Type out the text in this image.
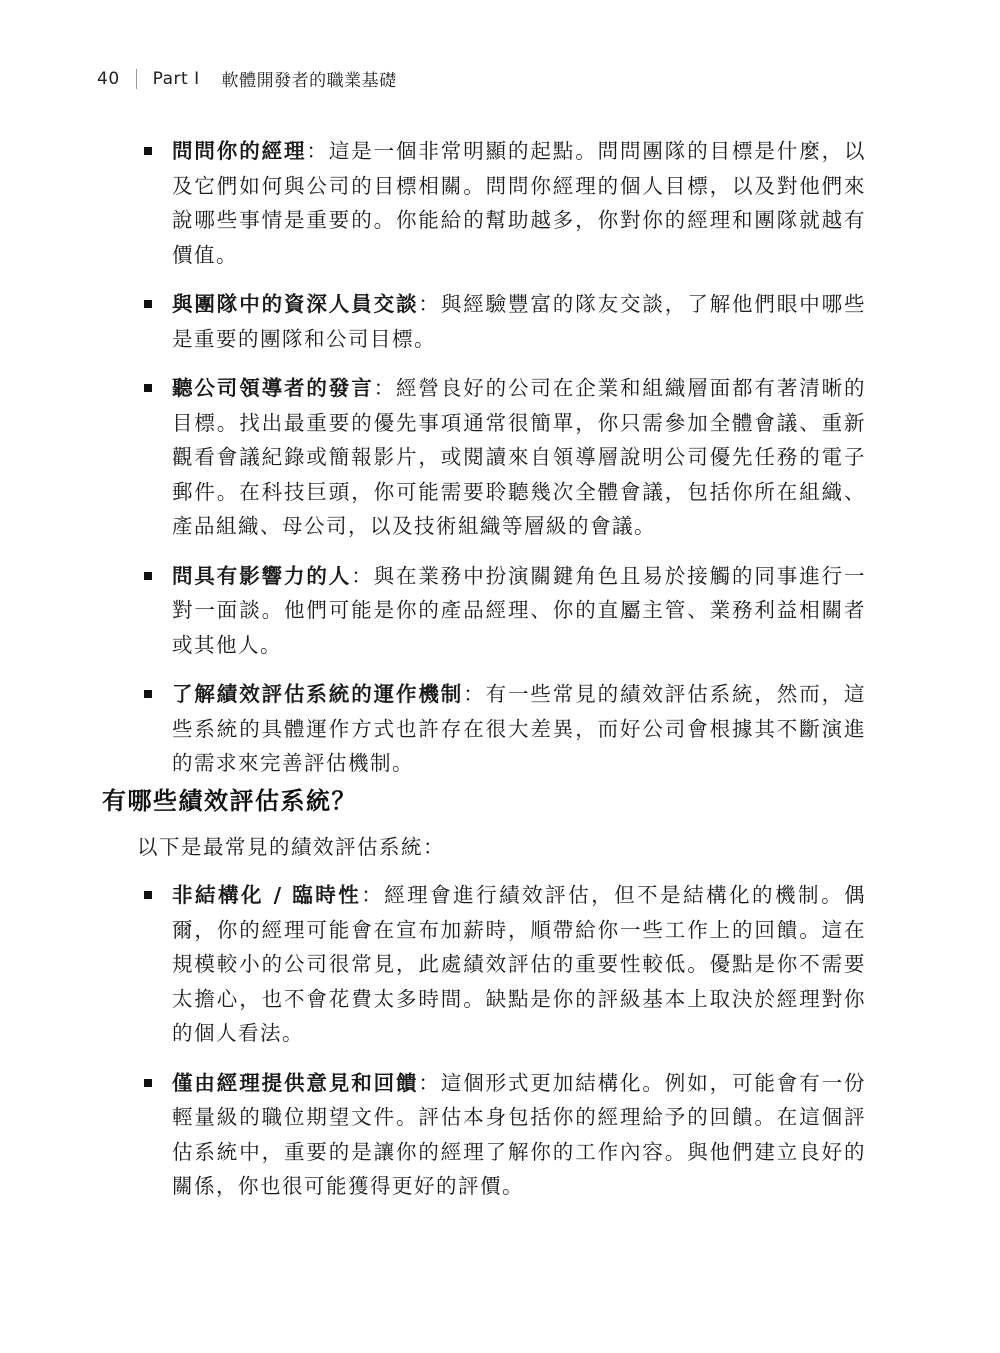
40 Part I 軟體開發者的職業基礎
問問你的經理：這是一個非常明顯的起點。問問團隊的目標是什麼，以及它們如何與公司的目標相關。問問你經理的個人目標，以及對他們來說哪些事情是重要的。你能給的幫助越多，你對你的經理和團隊就越有價值。
與團隊中的資深人員交談：與經驗豐富的隊友交談，了解他們眼中哪些是重要的團隊和公司目標。
聽公司領導者的發言：經營良好的公司在企業和組織層面都有著清晰的目標。找出最重要的優先事項通常很簡單，你只需參加全體會議、重新觀看會議紀錄或簡報影片，或閱讀來自領導層說明公司優先任務的電子郵件。在科技巨頭，你可能需要聆聽幾次全體會議，包括你所在組織、產品組織、母公司，以及技術組織等層級的會議。
問具有影響力的人：與在業務中扮演關鍵角色且易於接觸的同事進行一對一面談。他們可能是你的產品經理、你的直屬主管、業務利益相關者或其他人。
了解績效評估系統的運作機制：有一些常見的績效評估系統，然而，這些系統的具體運作方式也許存在很大差異，而好公司會根據其不斷演進的需求來完善評估機制。
有哪些績效評估系統？

以下是最常見的績效評估系統：

非結構化 / 臨時性：經理會進行績效評估，但不是結構化的機制。偶爾，你的經理可能會在宣布加薪時，順帶給你一些工作上的回饋。這在規模較小的公司很常見，此處績效評估的重要性較低。優點是你不需要太擔心，也不會花費太多時間。缺點是你的評級基本上取決於經理對你的個人看法。
僅由經理提供意見和回饋：這個形式更加結構化。例如，可能會有一份輕量級的職位期望文件。評估本身包括你的經理給予的回饋。在這個評估系統中，重要的是讓你的經理了解你的工作內容。與他們建立良好的關係，你也很可能獲得更好的評價。
